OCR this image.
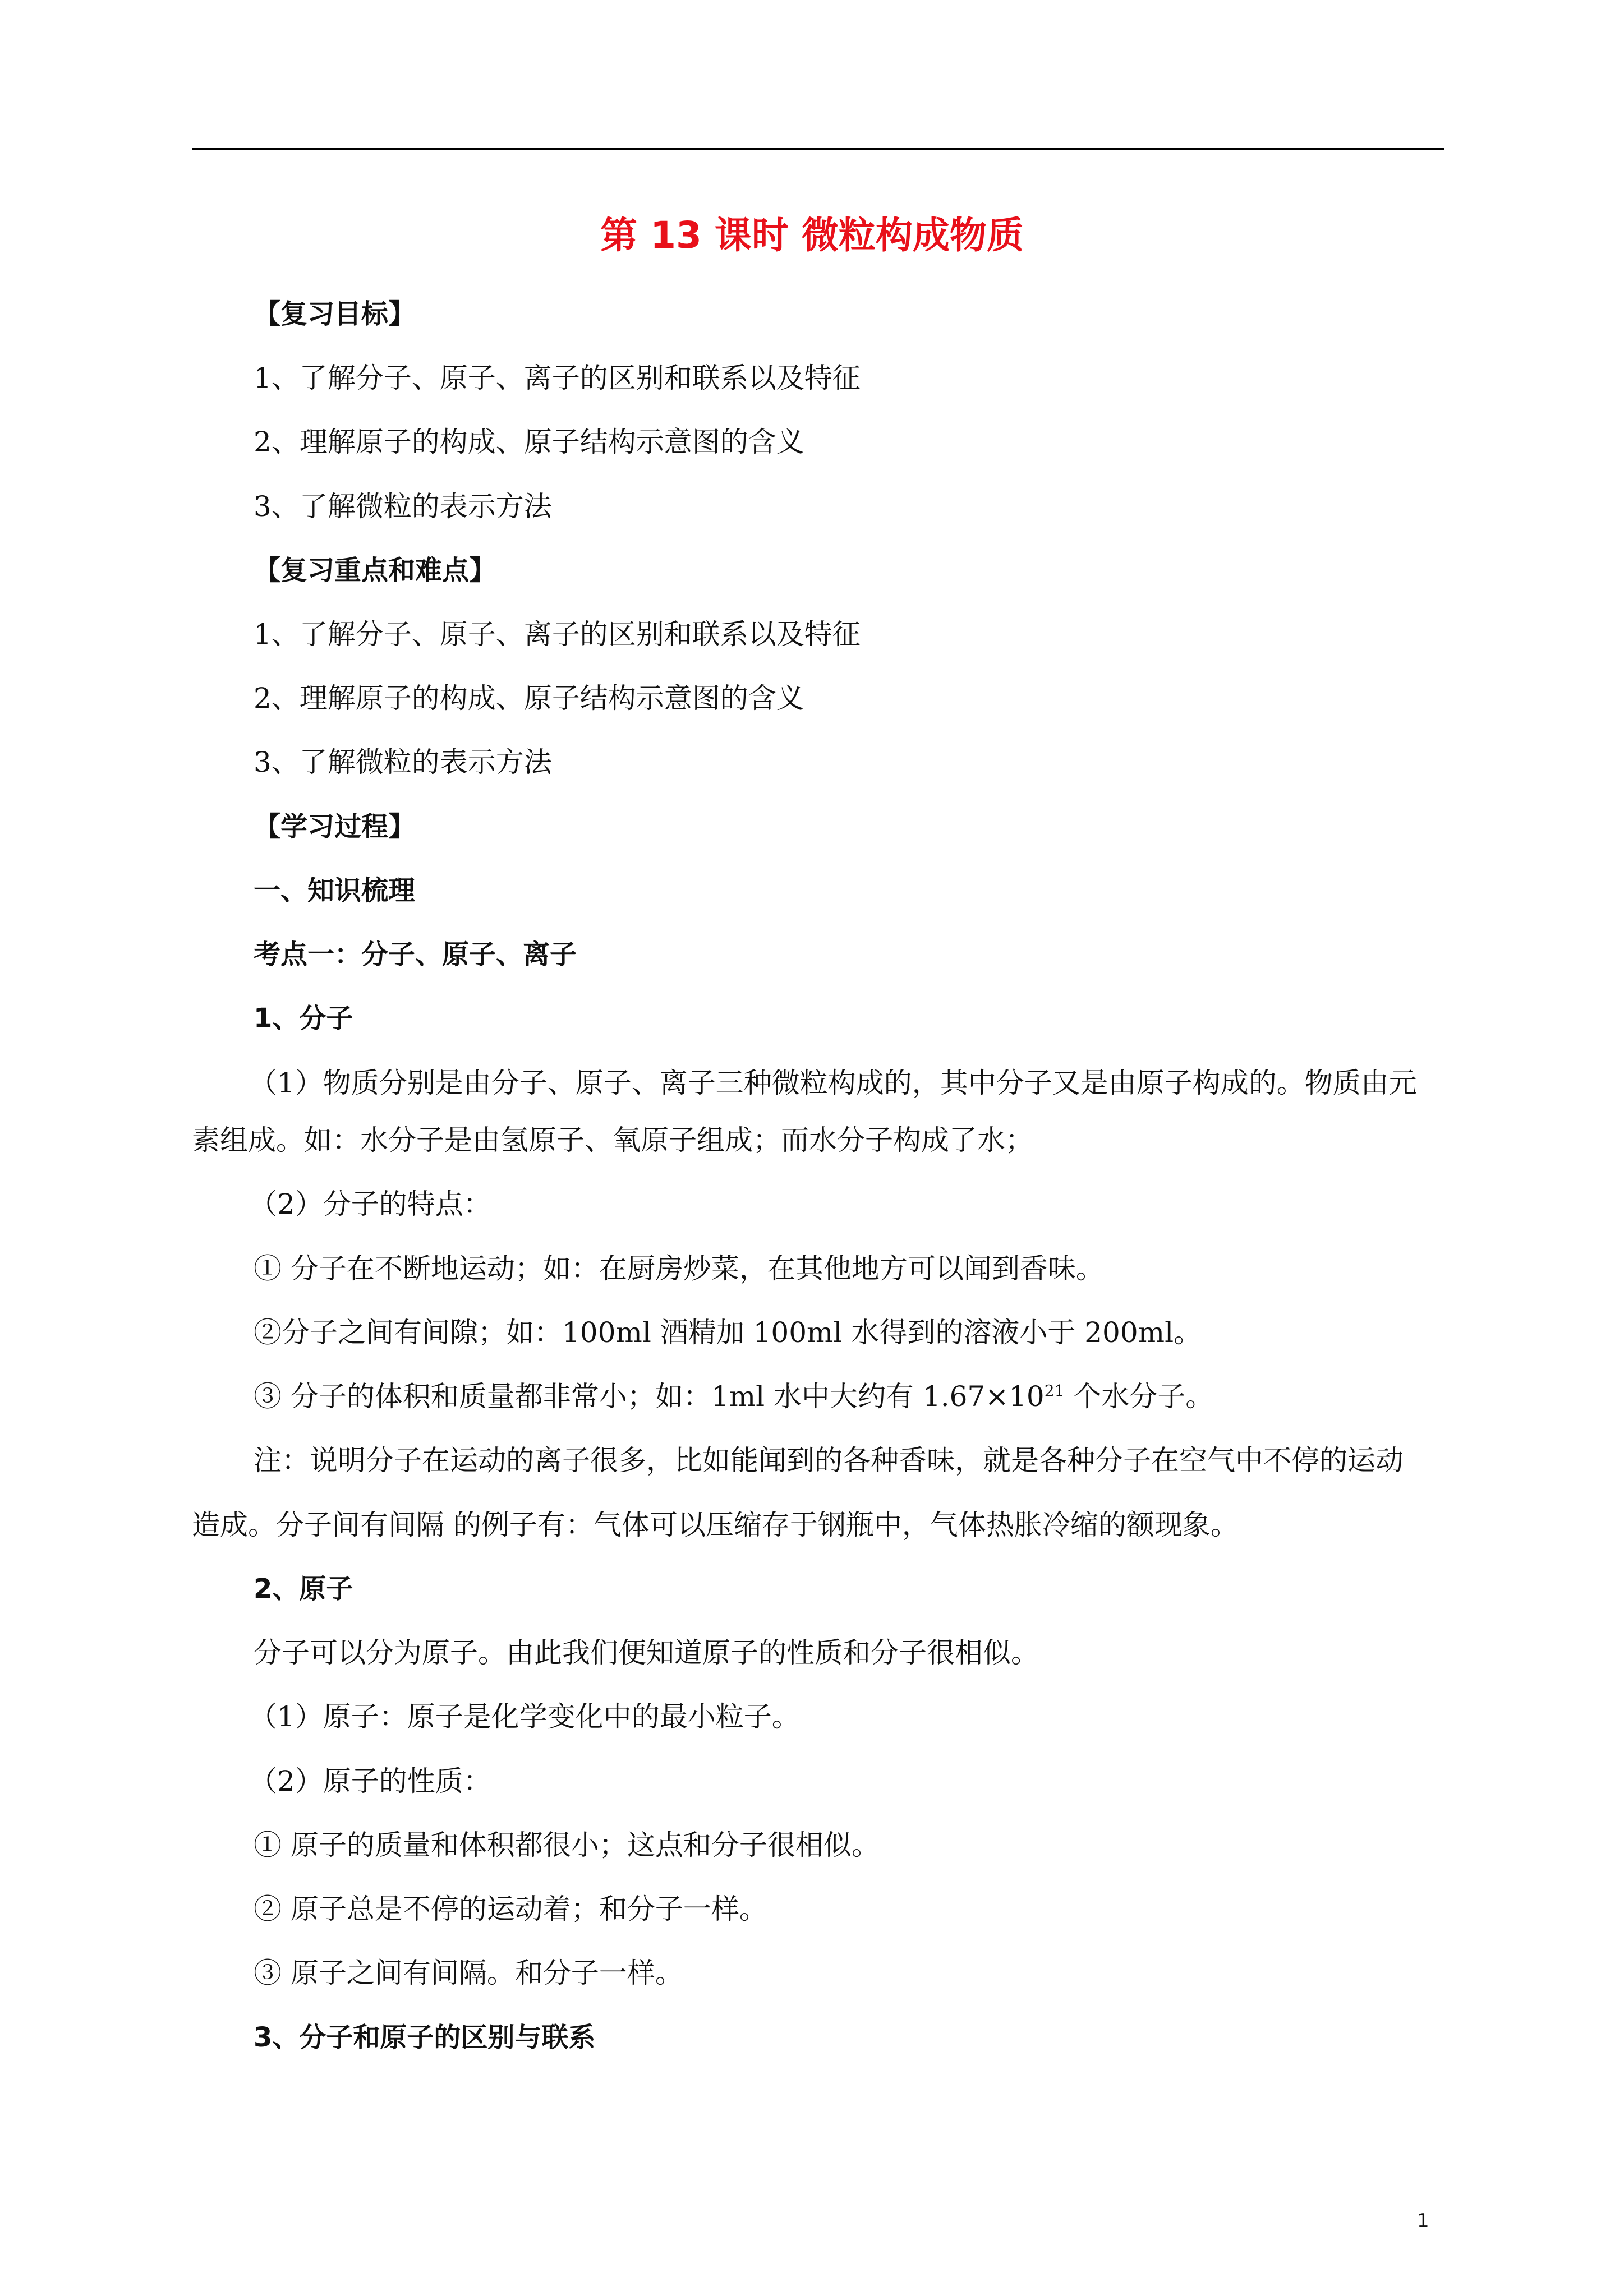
第 13 课时 微粒构成物质
【复习目标】
1、了解分子、原子、离子的区别和联系以及特征
2、理解原子的构成、原子结构示意图的含义
3、了解微粒的表示方法
【复习重点和难点】
1、了解分子、原子、离子的区别和联系以及特征
2、理解原子的构成、原子结构示意图的含义
3、了解微粒的表示方法
【学习过程】
一、知识梳理
考点一：分子、原子、离子
1、分子
（1）物质分别是由分子、原子、离子三种微粒构成的，其中分子又是由原子构成的。物质由元
素组成。如：水分子是由氢原子、氧原子组成；而水分子构成了水；
（2）分子的特点：
① 分子在不断地运动；如：在厨房炒菜，在其他地方可以闻到香味。
②分子之间有间隙；如：100ml 酒精加 100ml 水得到的溶液小于 200ml。
③ 分子的体积和质量都非常小；如：1ml 水中大约有 $1.67\times 10^{21}$ 个水分子。
注：说明分子在运动的离子很多，比如能闻到的各种香味，就是各种分子在空气中不停的运动
造成。分子间有间隔 的例子有：气体可以压缩存于钢瓶中，气体热胀冷缩的额现象。
2、原子
分子可以分为原子。由此我们便知道原子的性质和分子很相似。
（1）原子：原子是化学变化中的最小粒子。
（2）原子的性质：
① 原子的质量和体积都很小；这点和分子很相似。
② 原子总是不停的运动着；和分子一样。
③ 原子之间有间隔。和分子一样。
3、分子和原子的区别与联系
1
